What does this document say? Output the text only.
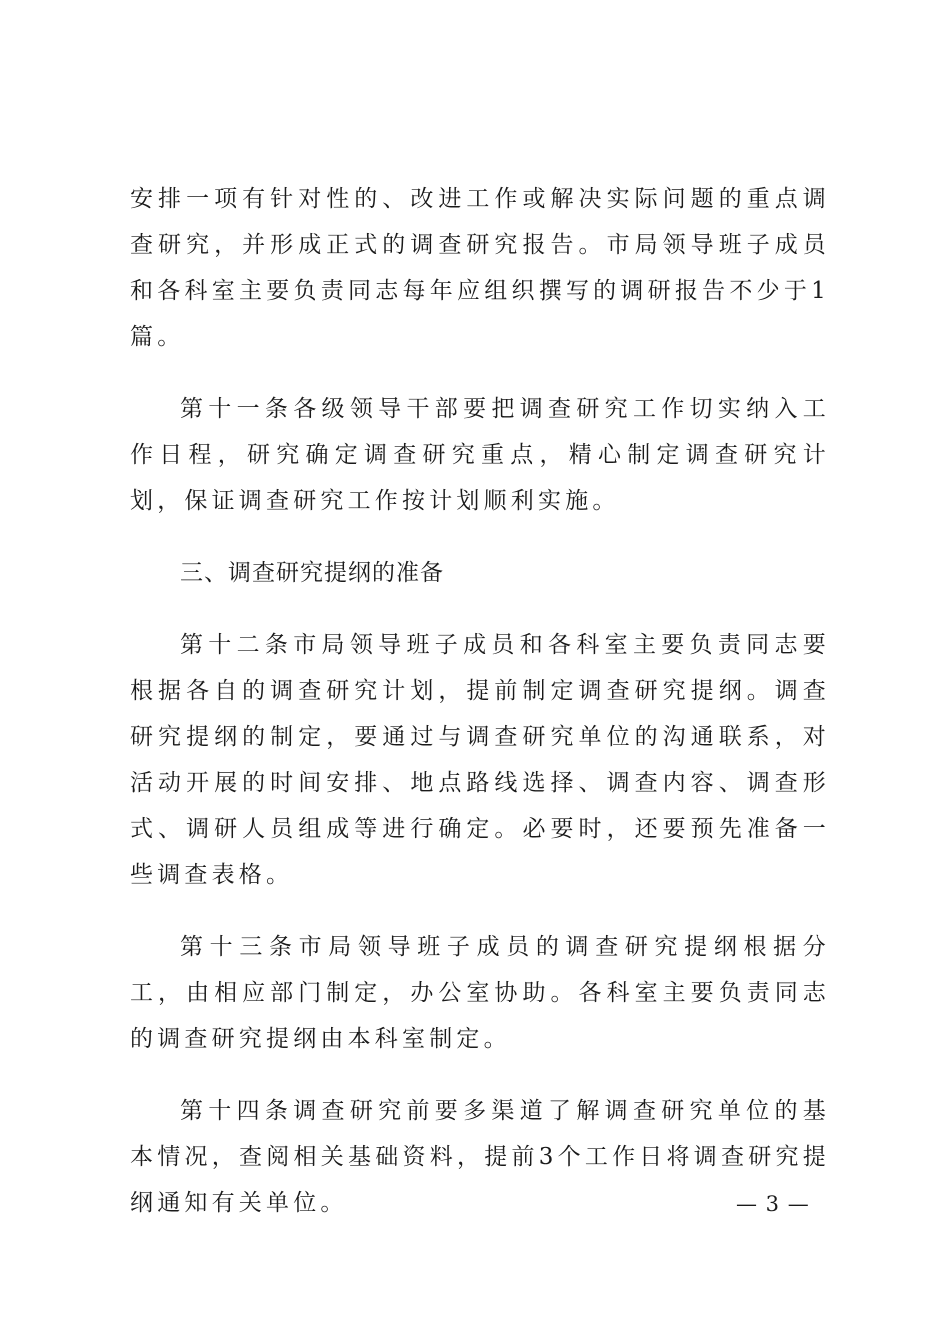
安排一项有针对性的、改进工作或解决实际问题的重点调查研究，并形成正式的调查研究报告。市局领导班子成员和各科室主要负责同志每年应组织撰写的调研报告不少于1篇。

第十一条各级领导干部要把调查研究工作切实纳入工作日程，研究确定调查研究重点，精心制定调查研究计划，保证调查研究工作按计划顺利实施。

三、调查研究提纲的准备

第十二条市局领导班子成员和各科室主要负责同志要根据各自的调查研究计划，提前制定调查研究提纲。调查研究提纲的制定，要通过与调查研究单位的沟通联系，对活动开展的时间安排、地点路线选择、调查内容、调查形式、调研人员组成等进行确定。必要时，还要预先准备一些调查表格。

第十三条市局领导班子成员的调查研究提纲根据分工，由相应部门制定，办公室协助。各科室主要负责同志的调查研究提纲由本科室制定。

第十四条调查研究前要多渠道了解调查研究单位的基本情况，查阅相关基础资料，提前3个工作日将调查研究提纲通知有关单位。	— 3 —
